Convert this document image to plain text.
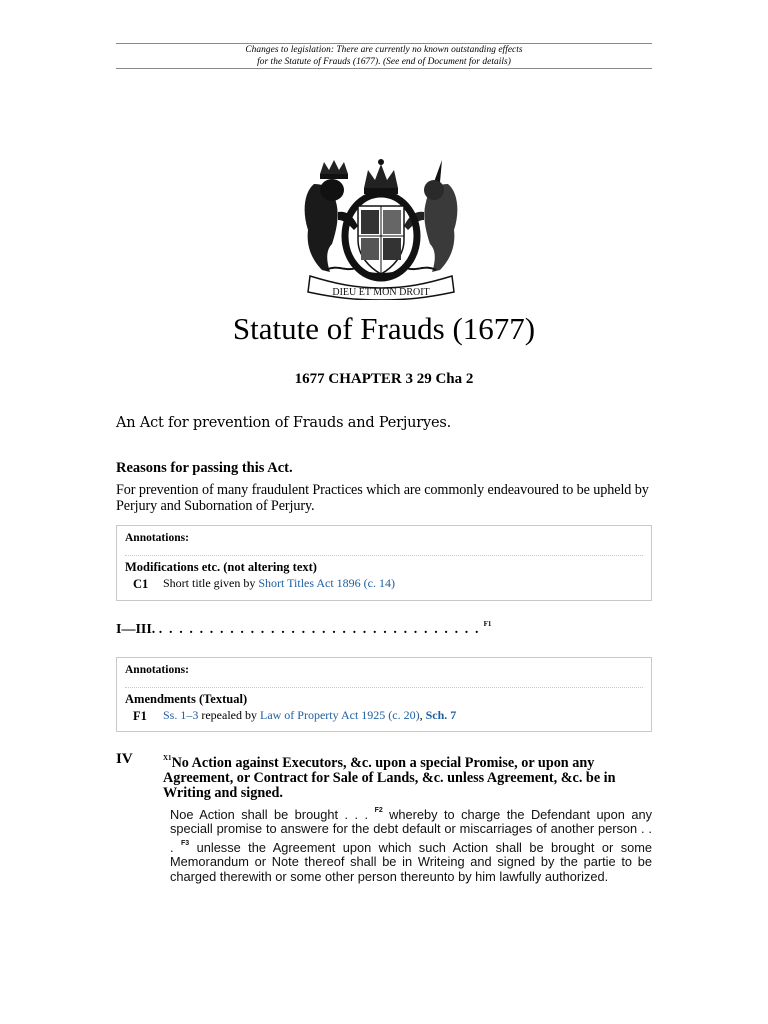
Changes to legislation: There are currently no known outstanding effects
for the Statute of Frauds (1677). (See end of Document for details)
DIEU ET MON DROIT
Statute of Frauds (1677)
1677 CHAPTER 3 29 Cha 2
An Act for prevention of Frauds and Perjuryes.
Reasons for passing this Act.
For prevention of many fraudulent Practices which are commonly endeavoured to be upheld by Perjury and Subornation of Perjury.
Annotations:
Modifications etc. (not altering text)
C1 Short title given by Short Titles Act 1896 (c. 14)
I—III. . . . . . . . . . . . . . . . . . . . . . . . . . . . . . . . . $^{F1}$
Annotations:
Amendments (Textual)
F1 Ss. 1–3 repealed by Law of Property Act 1925 (c. 20), Sch. 7
IV	$^{X1}$No Action against Executors, &c. upon a special Promise, or upon any Agreement, or Contract for Sale of Lands, &c. unless Agreement, &c. be in Writing and signed.
Noe Action shall be brought . . . $^{F2}$ whereby to charge the Defendant upon any speciall promise to answere for the debt default or miscarriages of another person . . . $^{F3}$ unlesse the Agreement upon which such Action shall be brought or some Memorandum or Note thereof shall be in Writeing and signed by the partie to be charged therewith or some other person thereunto by him lawfully authorized.
